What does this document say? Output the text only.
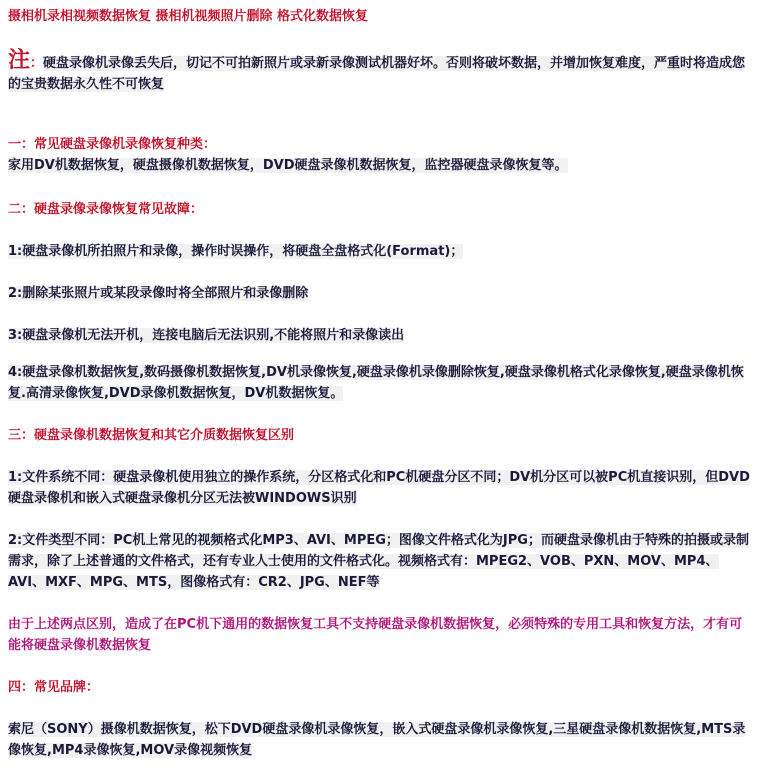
摄相机录相视频数据恢复 摄相机视频照片删除 格式化数据恢复
注：硬盘录像机录像丢失后，切记不可拍新照片或录新录像测试机器好坏。否则将破坏数据，并增加恢复难度，严重时将造成您的宝贵数据永久性不可恢复
一：常见硬盘录像机录像恢复种类：
家用DV机数据恢复，硬盘摄像机数据恢复，DVD硬盘录像机数据恢复，监控器硬盘录像恢复等。
二：硬盘录像录像恢复常见故障：
1:硬盘录像机所拍照片和录像，操作时误操作，将硬盘全盘格式化(Format)；
2:删除某张照片或某段录像时将全部照片和录像删除
3:硬盘录像机无法开机，连接电脑后无法识别,不能将照片和录像读出
4:硬盘录像机数据恢复,数码摄像机数据恢复,DV机录像恢复,硬盘录像机录像删除恢复,硬盘录像机格式化录像恢复,硬盘录像机恢复.高清录像恢复,DVD录像机数据恢复，DV机数据恢复。
三：硬盘录像机数据恢复和其它介质数据恢复区别
1:文件系统不同：硬盘录像机使用独立的操作系统，分区格式化和PC机硬盘分区不同；DV机分区可以被PC机直接识别，但DVD硬盘录像机和嵌入式硬盘录像机分区无法被WINDOWS识别
2:文件类型不同：PC机上常见的视频格式化MP3、AVI、MPEG；图像文件格式化为JPG；而硬盘录像机由于特殊的拍摄或录制需求，除了上述普通的文件格式，还有专业人士使用的文件格式化。视频格式有：MPEG2、VOB、PXN、MOV、MP4、AVI、MXF、MPG、MTS，图像格式有：CR2、JPG、NEF等
由于上述两点区别，造成了在PC机下通用的数据恢复工具不支持硬盘录像机数据恢复，必须特殊的专用工具和恢复方法，才有可能将硬盘录像机数据恢复
四：常见品牌：
索尼（SONY）摄像机数据恢复，松下DVD硬盘录像机录像恢复，嵌入式硬盘录像机录像恢复,三星硬盘录像机数据恢复,MTS录像恢复,MP4录像恢复,MOV录像视频恢复
